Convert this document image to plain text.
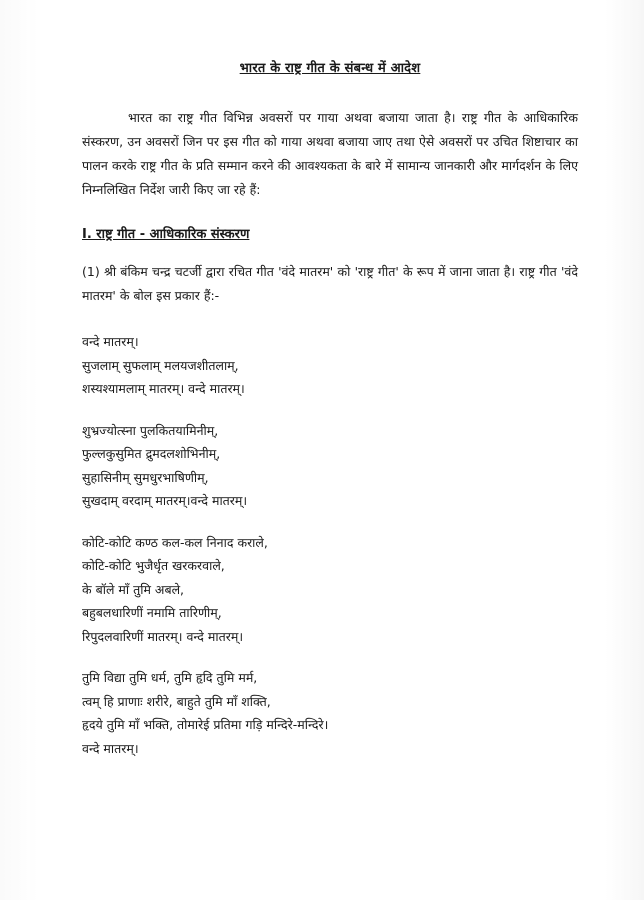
भारत के राष्ट्र गीत के संबन्ध में आदेश

भारत का राष्ट्र गीत विभिन्न अवसरों पर गाया अथवा बजाया जाता है। राष्ट्र गीत के आधिकारिक संस्करण, उन अवसरों जिन पर इस गीत को गाया अथवा बजाया जाए तथा ऐसे अवसरों पर उचित शिष्टाचार का पालन करके राष्ट्र गीत के प्रति सम्मान करने की आवश्यकता के बारे में सामान्य जानकारी और मार्गदर्शन के लिए निम्नलिखित निर्देश जारी किए जा रहे हैं:

I. राष्ट्र गीत - आधिकारिक संस्करण

(1) श्री बंकिम चन्द्र चटर्जी द्वारा रचित गीत 'वंदे मातरम' को 'राष्ट्र गीत' के रूप में जाना जाता है। राष्ट्र गीत 'वंदे मातरम' के बोल इस प्रकार हैं:-

वन्दे मातरम्।
सुजलाम् सुफलाम् मलयजशीतलाम्,
शस्यश्यामलाम् मातरम्। वन्दे मातरम्।
शुभ्रज्योत्स्ना पुलकितयामिनीम्,
फुल्लकुसुमित द्रुमदलशोभिनीम्,
सुहासिनीम् सुमधुरभाषिणीम्,
सुखदाम् वरदाम् मातरम्।वन्दे मातरम्।
कोटि-कोटि कण्ठ कल-कल निनाद कराले,
कोटि-कोटि भुजैर्धृत खरकरवाले,
के बॉले माँ तुमि अबले,
बहुबलधारिणीं नमामि तारिणीम्,
रिपुदलवारिणीं मातरम्। वन्दे मातरम्।
तुमि विद्या तुमि धर्म, तुमि हृदि तुमि मर्म,
त्वम् हि प्राणाः शरीरे, बाहुते तुमि माँ शक्ति,
हृदये तुमि माँ भक्ति, तोमारेई प्रतिमा गड़ि मन्दिरे-मन्दिरे।
वन्दे मातरम्।
